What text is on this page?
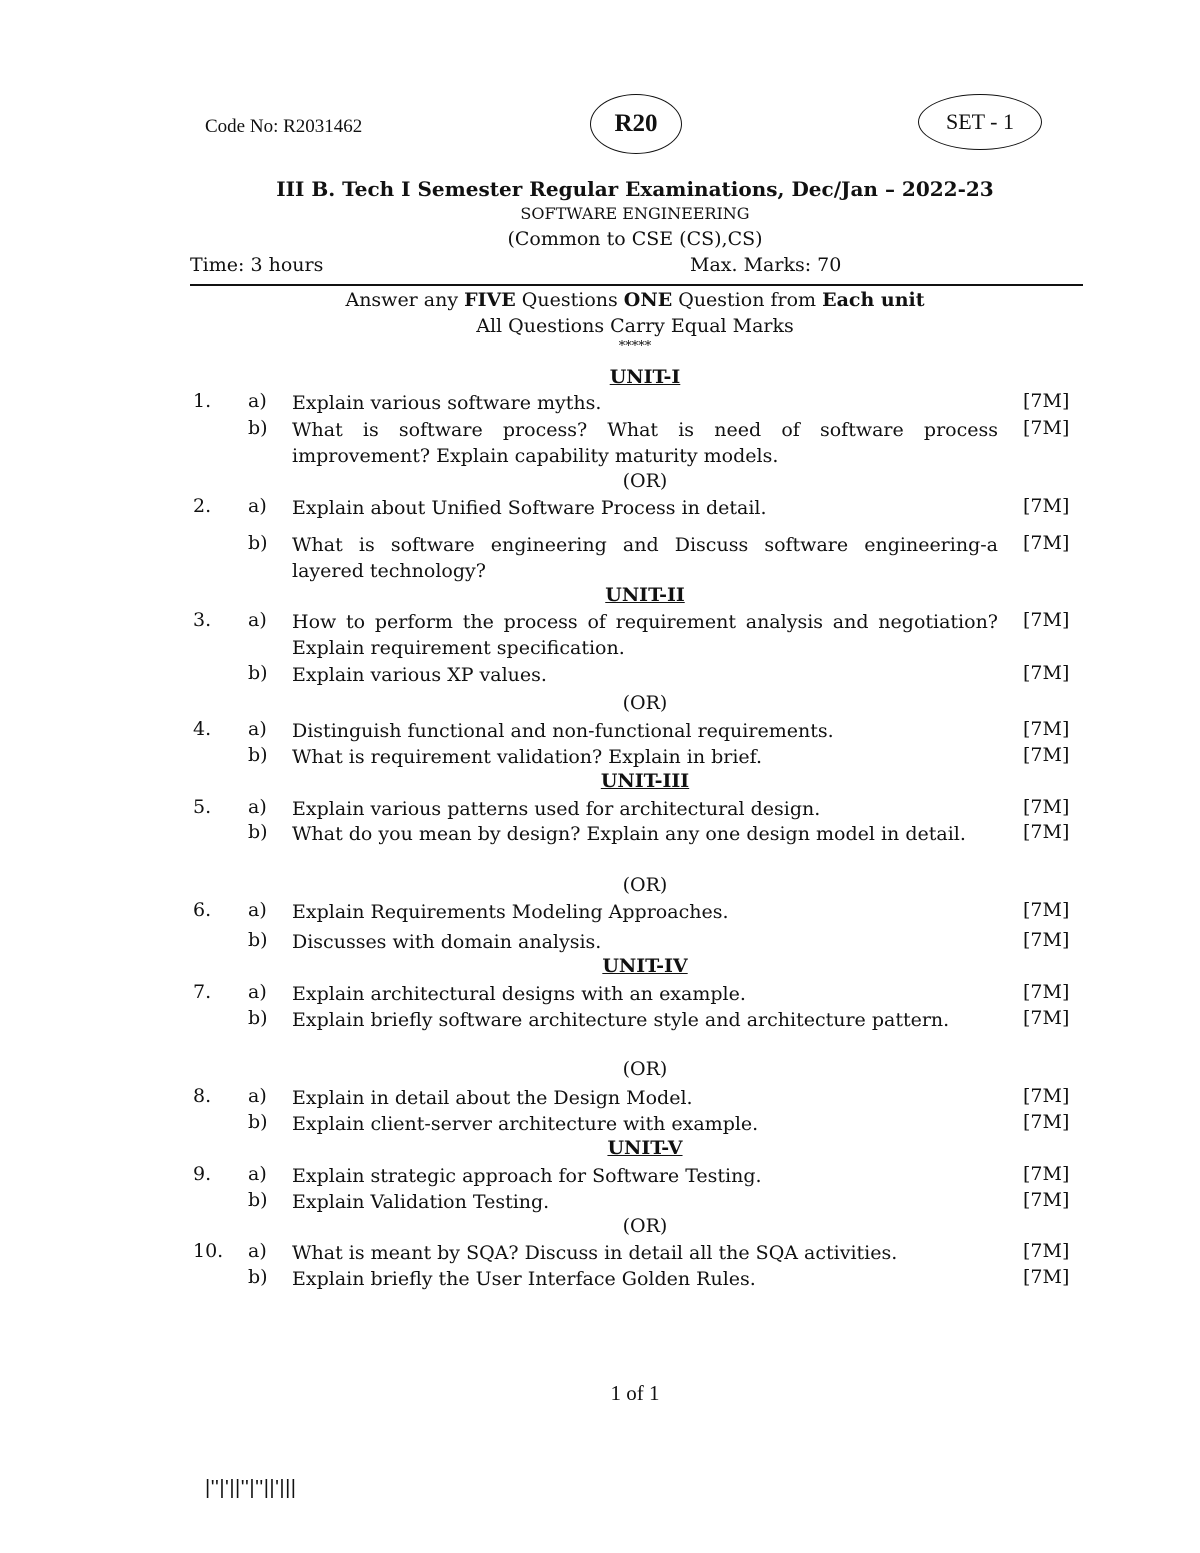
Code No: R2031462	R20	SET - 1
III B. Tech I Semester Regular Examinations, Dec/Jan – 2022-23
SOFTWARE ENGINEERING
(Common to CSE (CS),CS)
Time: 3 hours	Max. Marks: 70
Answer any FIVE Questions ONE Question from Each unit
All Questions Carry Equal Marks
*****
UNIT-I
UNIT-II
UNIT-III
UNIT-IV
UNIT-V
(OR)
(OR)
(OR)
(OR)
(OR)
1. a) Explain various software myths.	[7M]
b) What is software process? What is need of software process improvement? Explain capability maturity models.
[7M]
2. a) Explain about Unified Software Process in detail.	[7M]
b) What is software engineering and Discuss software engineering-a layered technology?
[7M]
3. a) How to perform the process of requirement analysis and negotiation? Explain requirement specification.
[7M]
b) Explain various XP values.	[7M]
4. a) Distinguish functional and non-functional requirements.	[7M]
b) What is requirement validation? Explain in brief.	[7M]
5. a) Explain various patterns used for architectural design.	[7M]
b) What do you mean by design? Explain any one design model in detail.	[7M]
6. a) Explain Requirements Modeling Approaches.	[7M]
b) Discusses with domain analysis.	[7M]
7. a) Explain architectural designs with an example.	[7M]
b) Explain briefly software architecture style and architecture pattern.	[7M]
8. a) Explain in detail about the Design Model.	[7M]
b) Explain client-server architecture with example.	[7M]
9. a) Explain strategic approach for Software Testing.	[7M]
b) Explain Validation Testing.	[7M]
10. a) What is meant by SQA? Discuss in detail all the SQA activities.	[7M]
b) Explain briefly the User Interface Golden Rules.	[7M]
1 of 1
|''|'||''|''||'|||
